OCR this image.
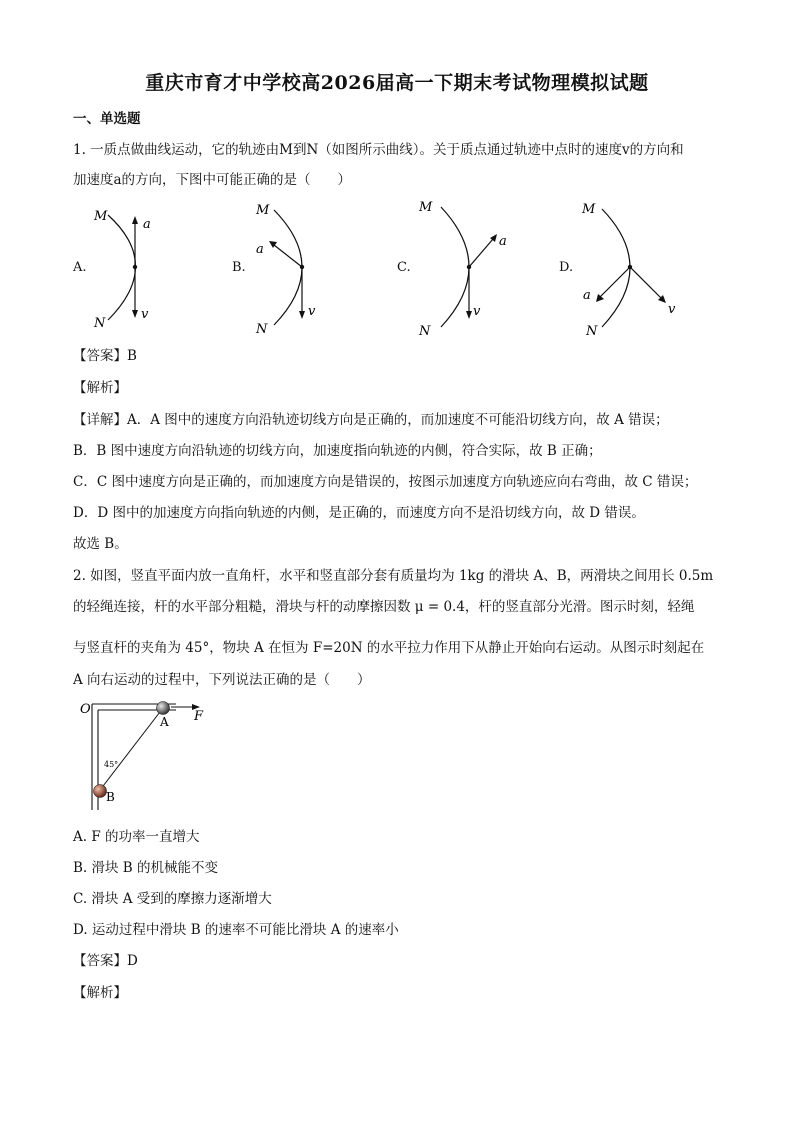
重庆市育才中学校高2026届高一下期末考试物理模拟试题
一、单选题
1. 一质点做曲线运动，它的轨迹由M到N（如图所示曲线）。关于质点通过轨迹中点时的速度v的方向和
加速度a的方向，下图中可能正确的是（　　）
A.
M
N
a
v
B.
M
N
a
v
C.
M
N
a
v
D.
M
N
a
v
【答案】B
【解析】
【详解】A．A 图中的速度方向沿轨迹切线方向是正确的，而加速度不可能沿切线方向，故 A 错误；
B．B 图中速度方向沿轨迹的切线方向，加速度指向轨迹的内侧，符合实际，故 B 正确；
C．C 图中速度方向是正确的，而加速度方向是错误的，按图示加速度方向轨迹应向右弯曲，故 C 错误；
D．D 图中的加速度方向指向轨迹的内侧，是正确的，而速度方向不是沿切线方向，故 D 错误。
故选 B。
2. 如图，竖直平面内放一直角杆，水平和竖直部分套有质量均为 1kg 的滑块 A、B，两滑块之间用长 0.5m
的轻绳连接，杆的水平部分粗糙，滑块与杆的动摩擦因数 μ = 0.4，杆的竖直部分光滑。图示时刻，轻绳
与竖直杆的夹角为 45°，物块 A 在恒为 F=20N 的水平拉力作用下从静止开始向右运动。从图示时刻起在
A 向右运动的过程中，下列说法正确的是（　　）
O
A F
B
45°
A. F 的功率一直增大
B. 滑块 B 的机械能不变
C. 滑块 A 受到的摩擦力逐渐增大
D. 运动过程中滑块 B 的速率不可能比滑块 A 的速率小
【答案】D
【解析】
